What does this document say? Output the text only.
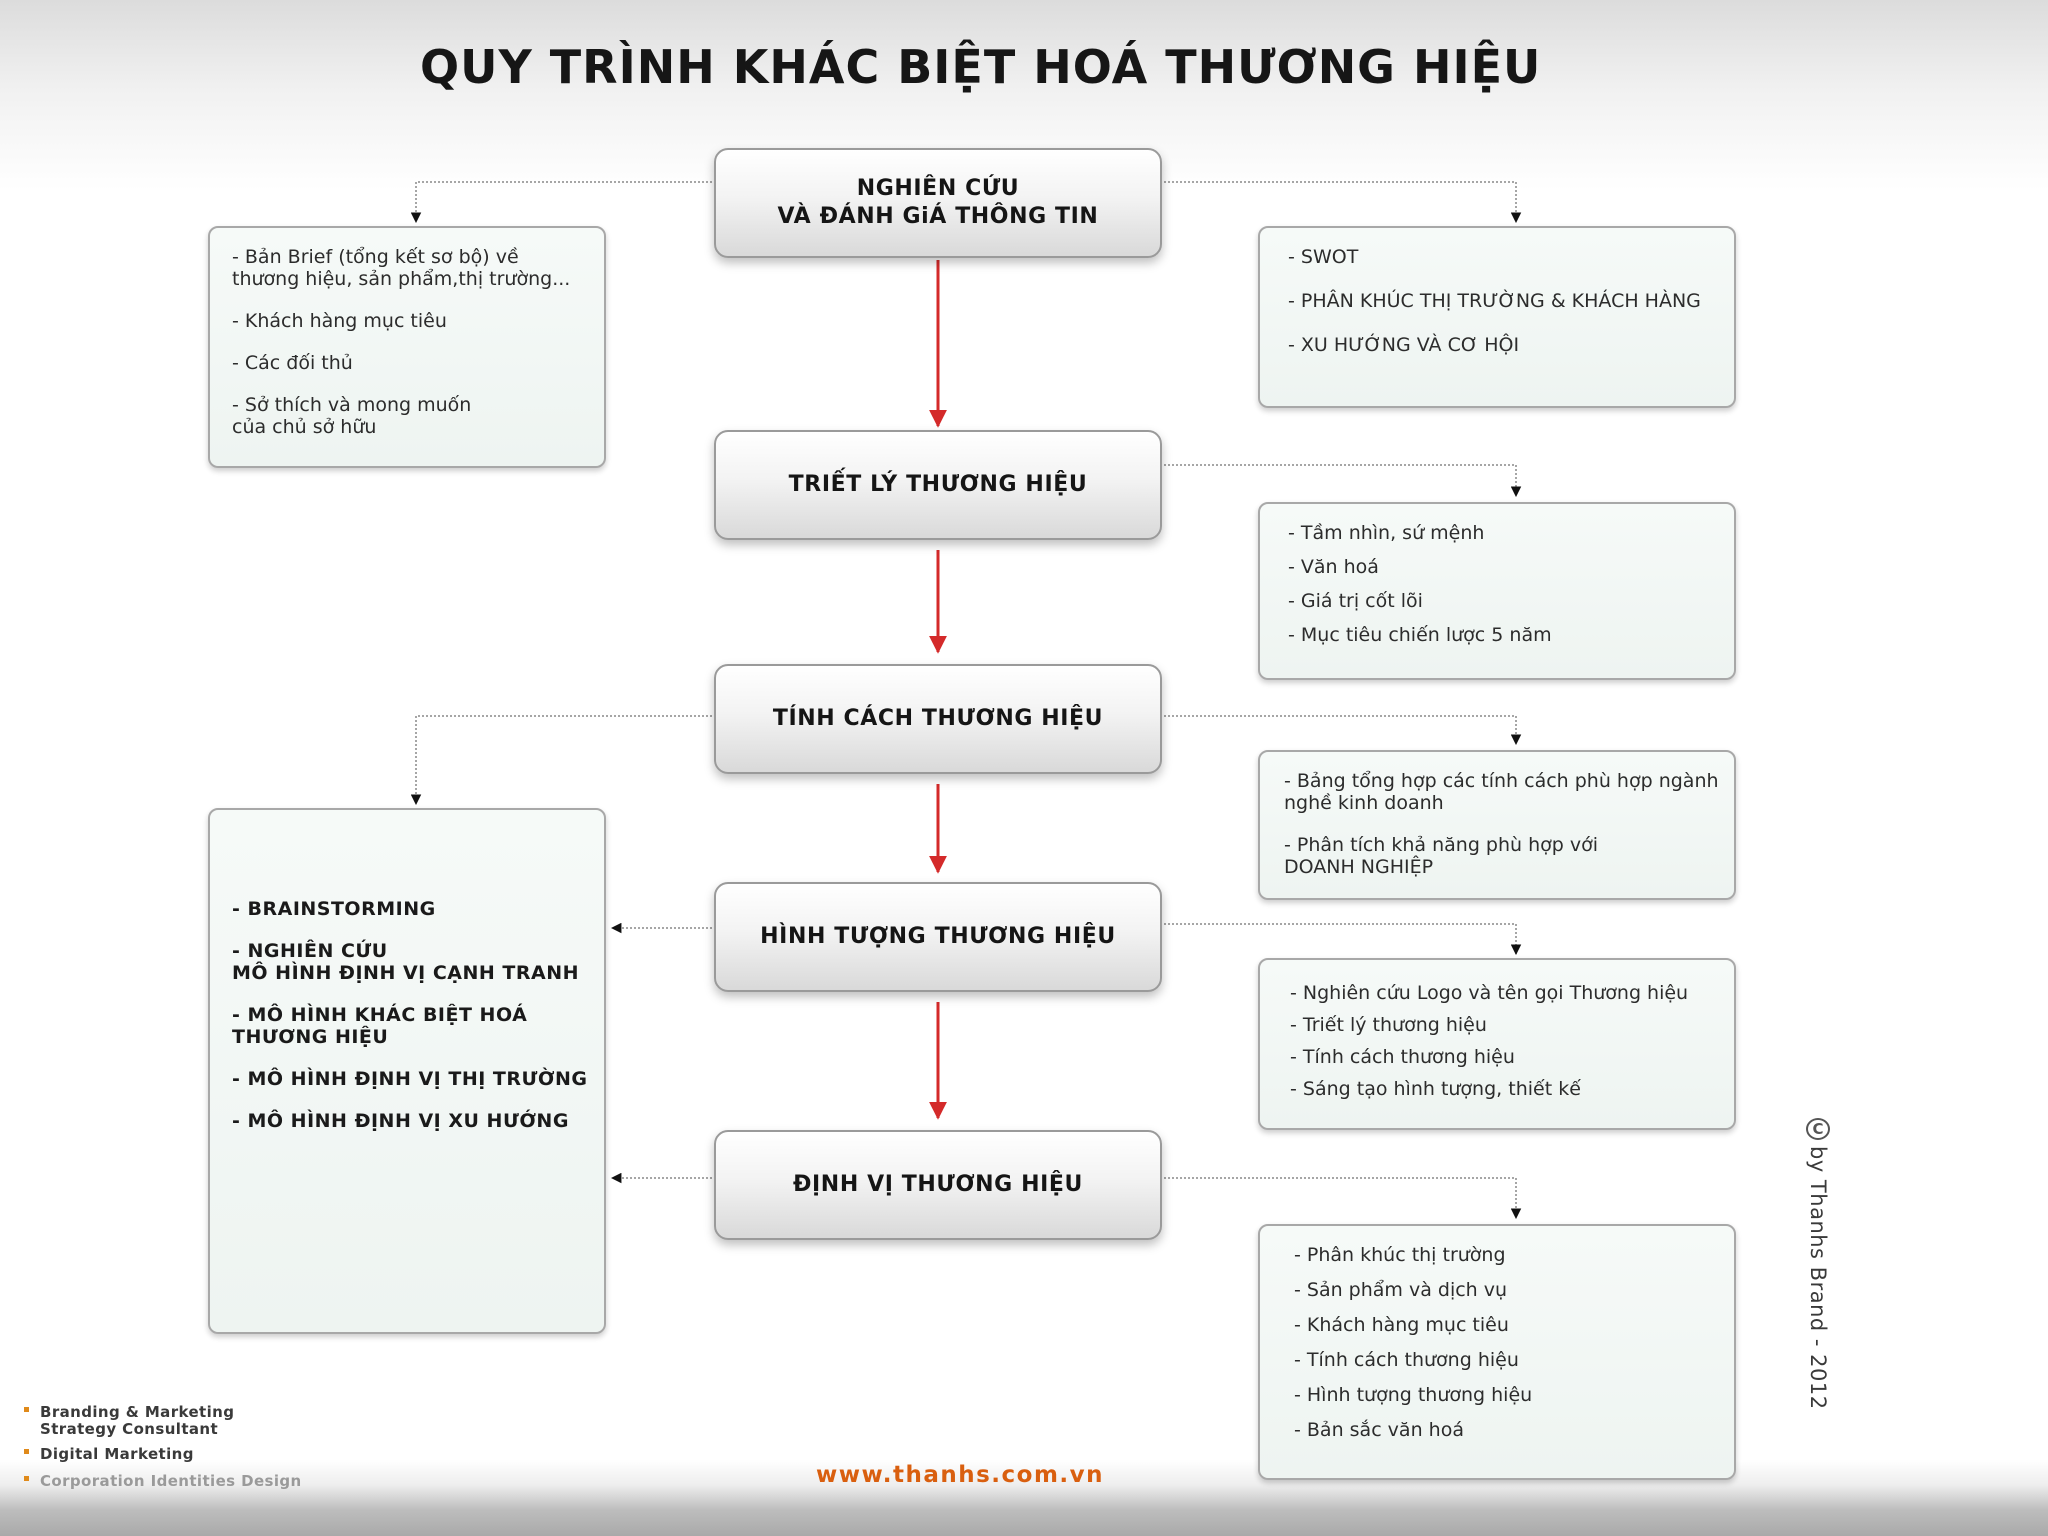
QUY TRÌNH KHÁC BIỆT HOÁ THƯƠNG HIỆU
NGHIÊN CỨU
VÀ ĐÁNH GiÁ THÔNG TIN
TRIẾT LÝ THƯƠNG HIỆU
TÍNH CÁCH THƯƠNG HIỆU
HÌNH TƯỢNG THƯƠNG HIỆU
ĐỊNH VỊ THƯƠNG HIỆU
- Bản Brief (tổng kết sơ bộ) về
thương hiệu, sản phẩm,thị trường...
- Khách hàng mục tiêu
- Các đối thủ
- Sở thích và mong muốn
của chủ sở hữu
- SWOT
- PHÂN KHÚC THỊ TRƯỜNG & KHÁCH HÀNG
- XU HƯỚNG VÀ CƠ HỘI
- Tầm nhìn, sứ mệnh
- Văn hoá
- Giá trị cốt lõi
- Mục tiêu chiến lược 5 năm
- Bảng tổng hợp các tính cách phù hợp ngành
nghề kinh doanh
- Phân tích khả năng phù hợp với
DOANH NGHIỆP
- BRAINSTORMING
- NGHIÊN CỨU
MÔ HÌNH ĐỊNH VỊ CẠNH TRANH
- MÔ HÌNH KHÁC BIỆT HOÁ
THƯƠNG HIỆU
- MÔ HÌNH ĐỊNH VỊ THỊ TRƯỜNG
- MÔ HÌNH ĐỊNH VỊ XU HƯỚNG
- Nghiên cứu Logo và tên gọi Thương hiệu
- Triết lý thương hiệu
- Tính cách thương hiệu
- Sáng tạo hình tượng, thiết kế
- Phân khúc thị trường
- Sản phẩm và dịch vụ
- Khách hàng mục tiêu
- Tính cách thương hiệu
- Hình tượng thương hiệu
- Bản sắc văn hoá
Branding & Marketing
Strategy Consultant
Digital Marketing
Corporation Identities Design	www.thanhs.com.vn
C
by Thanhs Brand - 2012
